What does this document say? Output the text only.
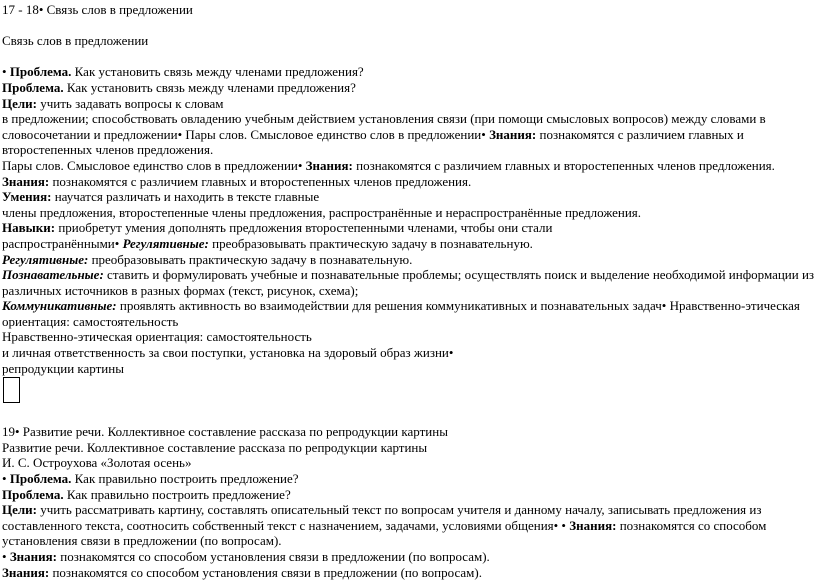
17 - 18• Связь слов в предложении
Связь слов в предложении
• Проблема. Как установить связь между членами предложения?
Проблема. Как установить связь между членами предложения?
Цели: учить задавать вопросы к словам
в предложении; способствовать овладению учебным действием установления связи (при помощи смысловых вопросов) между словами в
словосочетании и предложении• Пары слов. Смысловое единство слов в предложении• Знания: познакомятся с различием главных и
второстепенных членов предложения.
Пары слов. Смысловое единство слов в предложении• Знания: познакомятся с различием главных и второстепенных членов предложения.
Знания: познакомятся с различием главных и второстепенных членов предложения.
Умения: научатся различать и находить в тексте главные
члены предложения, второстепенные члены предложения, распространённые и нераспространённые предложения.
Навыки: приобретут умения дополнять предложения второстепенными членами, чтобы они стали
распространёнными• Регулятивные: преобразовывать практическую задачу в познавательную.
Регулятивные: преобразовывать практическую задачу в познавательную.
Познавательные: ставить и формулировать учебные и познавательные проблемы; осуществлять поиск и выделение необходимой информации из
различных источников в разных формах (текст, рисунок, схема);
Коммуникативные: проявлять активность во взаимодействии для решения коммуникативных и познавательных задач• Нравственно-этическая
ориентация: самостоятельность
Нравственно-этическая ориентация: самостоятельность
и личная ответственность за свои поступки, установка на здоровый образ жизни•
репродукции картины
19• Развитие речи. Коллективное составление рассказа по репродукции картины
Развитие речи. Коллективное составление рассказа по репродукции картины
И. С. Остроухова «Золотая осень»
• Проблема. Как правильно построить предложение?
Проблема. Как правильно построить предложение?
Цели: учить рассматривать картину, составлять описательный текст по вопросам учителя и данному началу, записывать предложения из
составленного текста, соотносить собственный текст с назначением, задачами, условиями общения• • Знания: познакомятся со способом
установления связи в предложении (по вопросам).
• Знания: познакомятся со способом установления связи в предложении (по вопросам).
Знания: познакомятся со способом установления связи в предложении (по вопросам).
